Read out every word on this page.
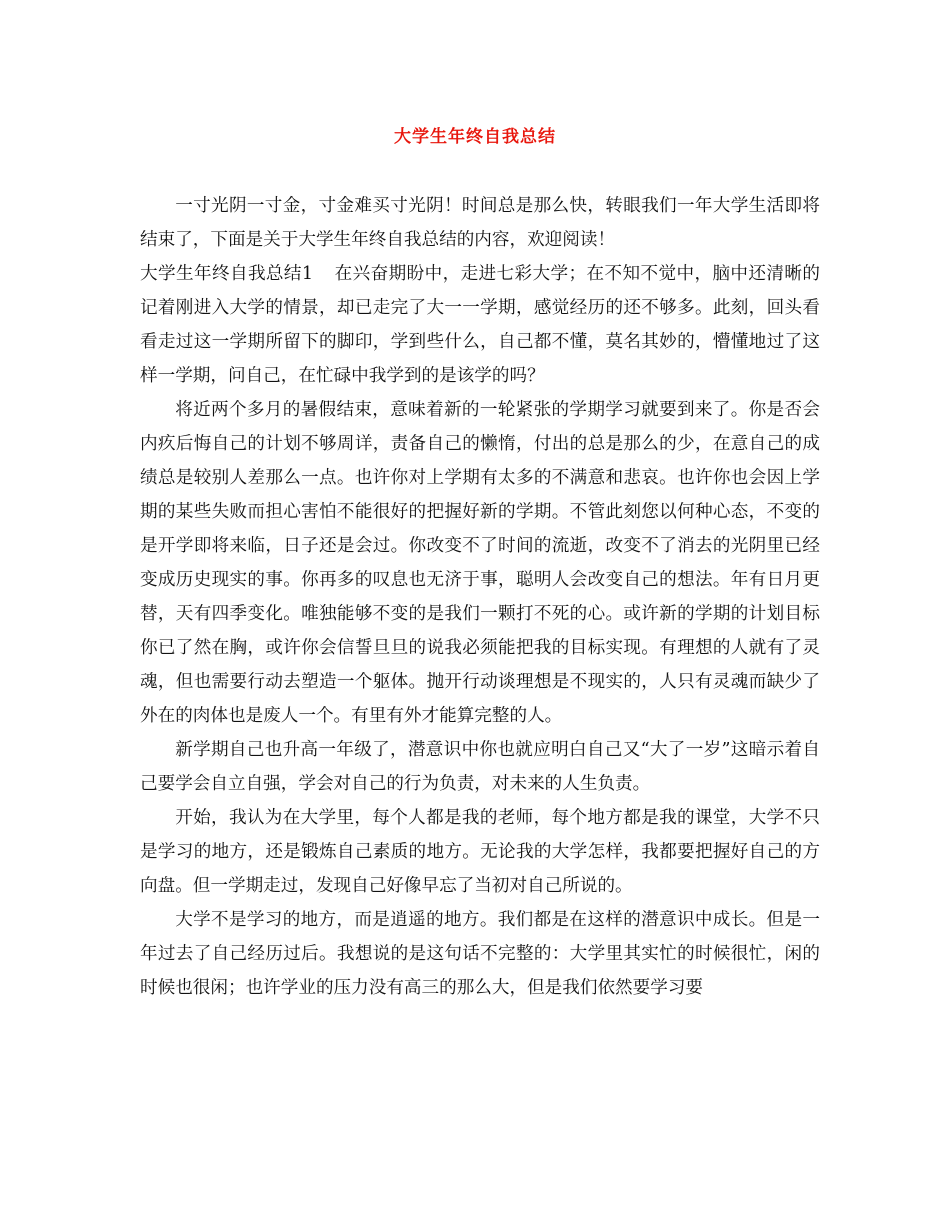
大学生年终自我总结

一寸光阴一寸金，寸金难买寸光阴！时间总是那么快，转眼我们一年大学生活即将结束了，下面是关于大学生年终自我总结的内容，欢迎阅读！

大学生年终自我总结1 在兴奋期盼中，走进七彩大学；在不知不觉中，脑中还清晰的记着刚进入大学的情景，却已走完了大一一学期，感觉经历的还不够多。此刻，回头看看走过这一学期所留下的脚印，学到些什么，自己都不懂，莫名其妙的，懵懂地过了这样一学期，问自己，在忙碌中我学到的是该学的吗？

将近两个多月的暑假结束，意味着新的一轮紧张的学期学习就要到来了。你是否会内疚后悔自己的计划不够周详，责备自己的懒惰，付出的总是那么的少，在意自己的成绩总是较别人差那么一点。也许你对上学期有太多的不满意和悲哀。也许你也会因上学期的某些失败而担心害怕不能很好的把握好新的学期。不管此刻您以何种心态，不变的是开学即将来临，日子还是会过。你改变不了时间的流逝，改变不了消去的光阴里已经变成历史现实的事。你再多的叹息也无济于事，聪明人会改变自己的想法。年有日月更替，天有四季变化。唯独能够不变的是我们一颗打不死的心。或许新的学期的计划目标你已了然在胸，或许你会信誓旦旦的说我必须能把我的目标实现。有理想的人就有了灵魂，但也需要行动去塑造一个躯体。抛开行动谈理想是不现实的，人只有灵魂而缺少了外在的肉体也是废人一个。有里有外才能算完整的人。

新学期自己也升高一年级了，潜意识中你也就应明白自己又“大了一岁”这暗示着自己要学会自立自强，学会对自己的行为负责，对未来的人生负责。

开始，我认为在大学里，每个人都是我的老师，每个地方都是我的课堂，大学不只是学习的地方，还是锻炼自己素质的地方。无论我的大学怎样，我都要把握好自己的方向盘。但一学期走过，发现自己好像早忘了当初对自己所说的。

大学不是学习的地方，而是逍遥的地方。我们都是在这样的潜意识中成长。但是一年过去了自己经历过后。我想说的是这句话不完整的：大学里其实忙的时候很忙，闲的时候也很闲；也许学业的压力没有高三的那么大，但是我们依然要学习要
